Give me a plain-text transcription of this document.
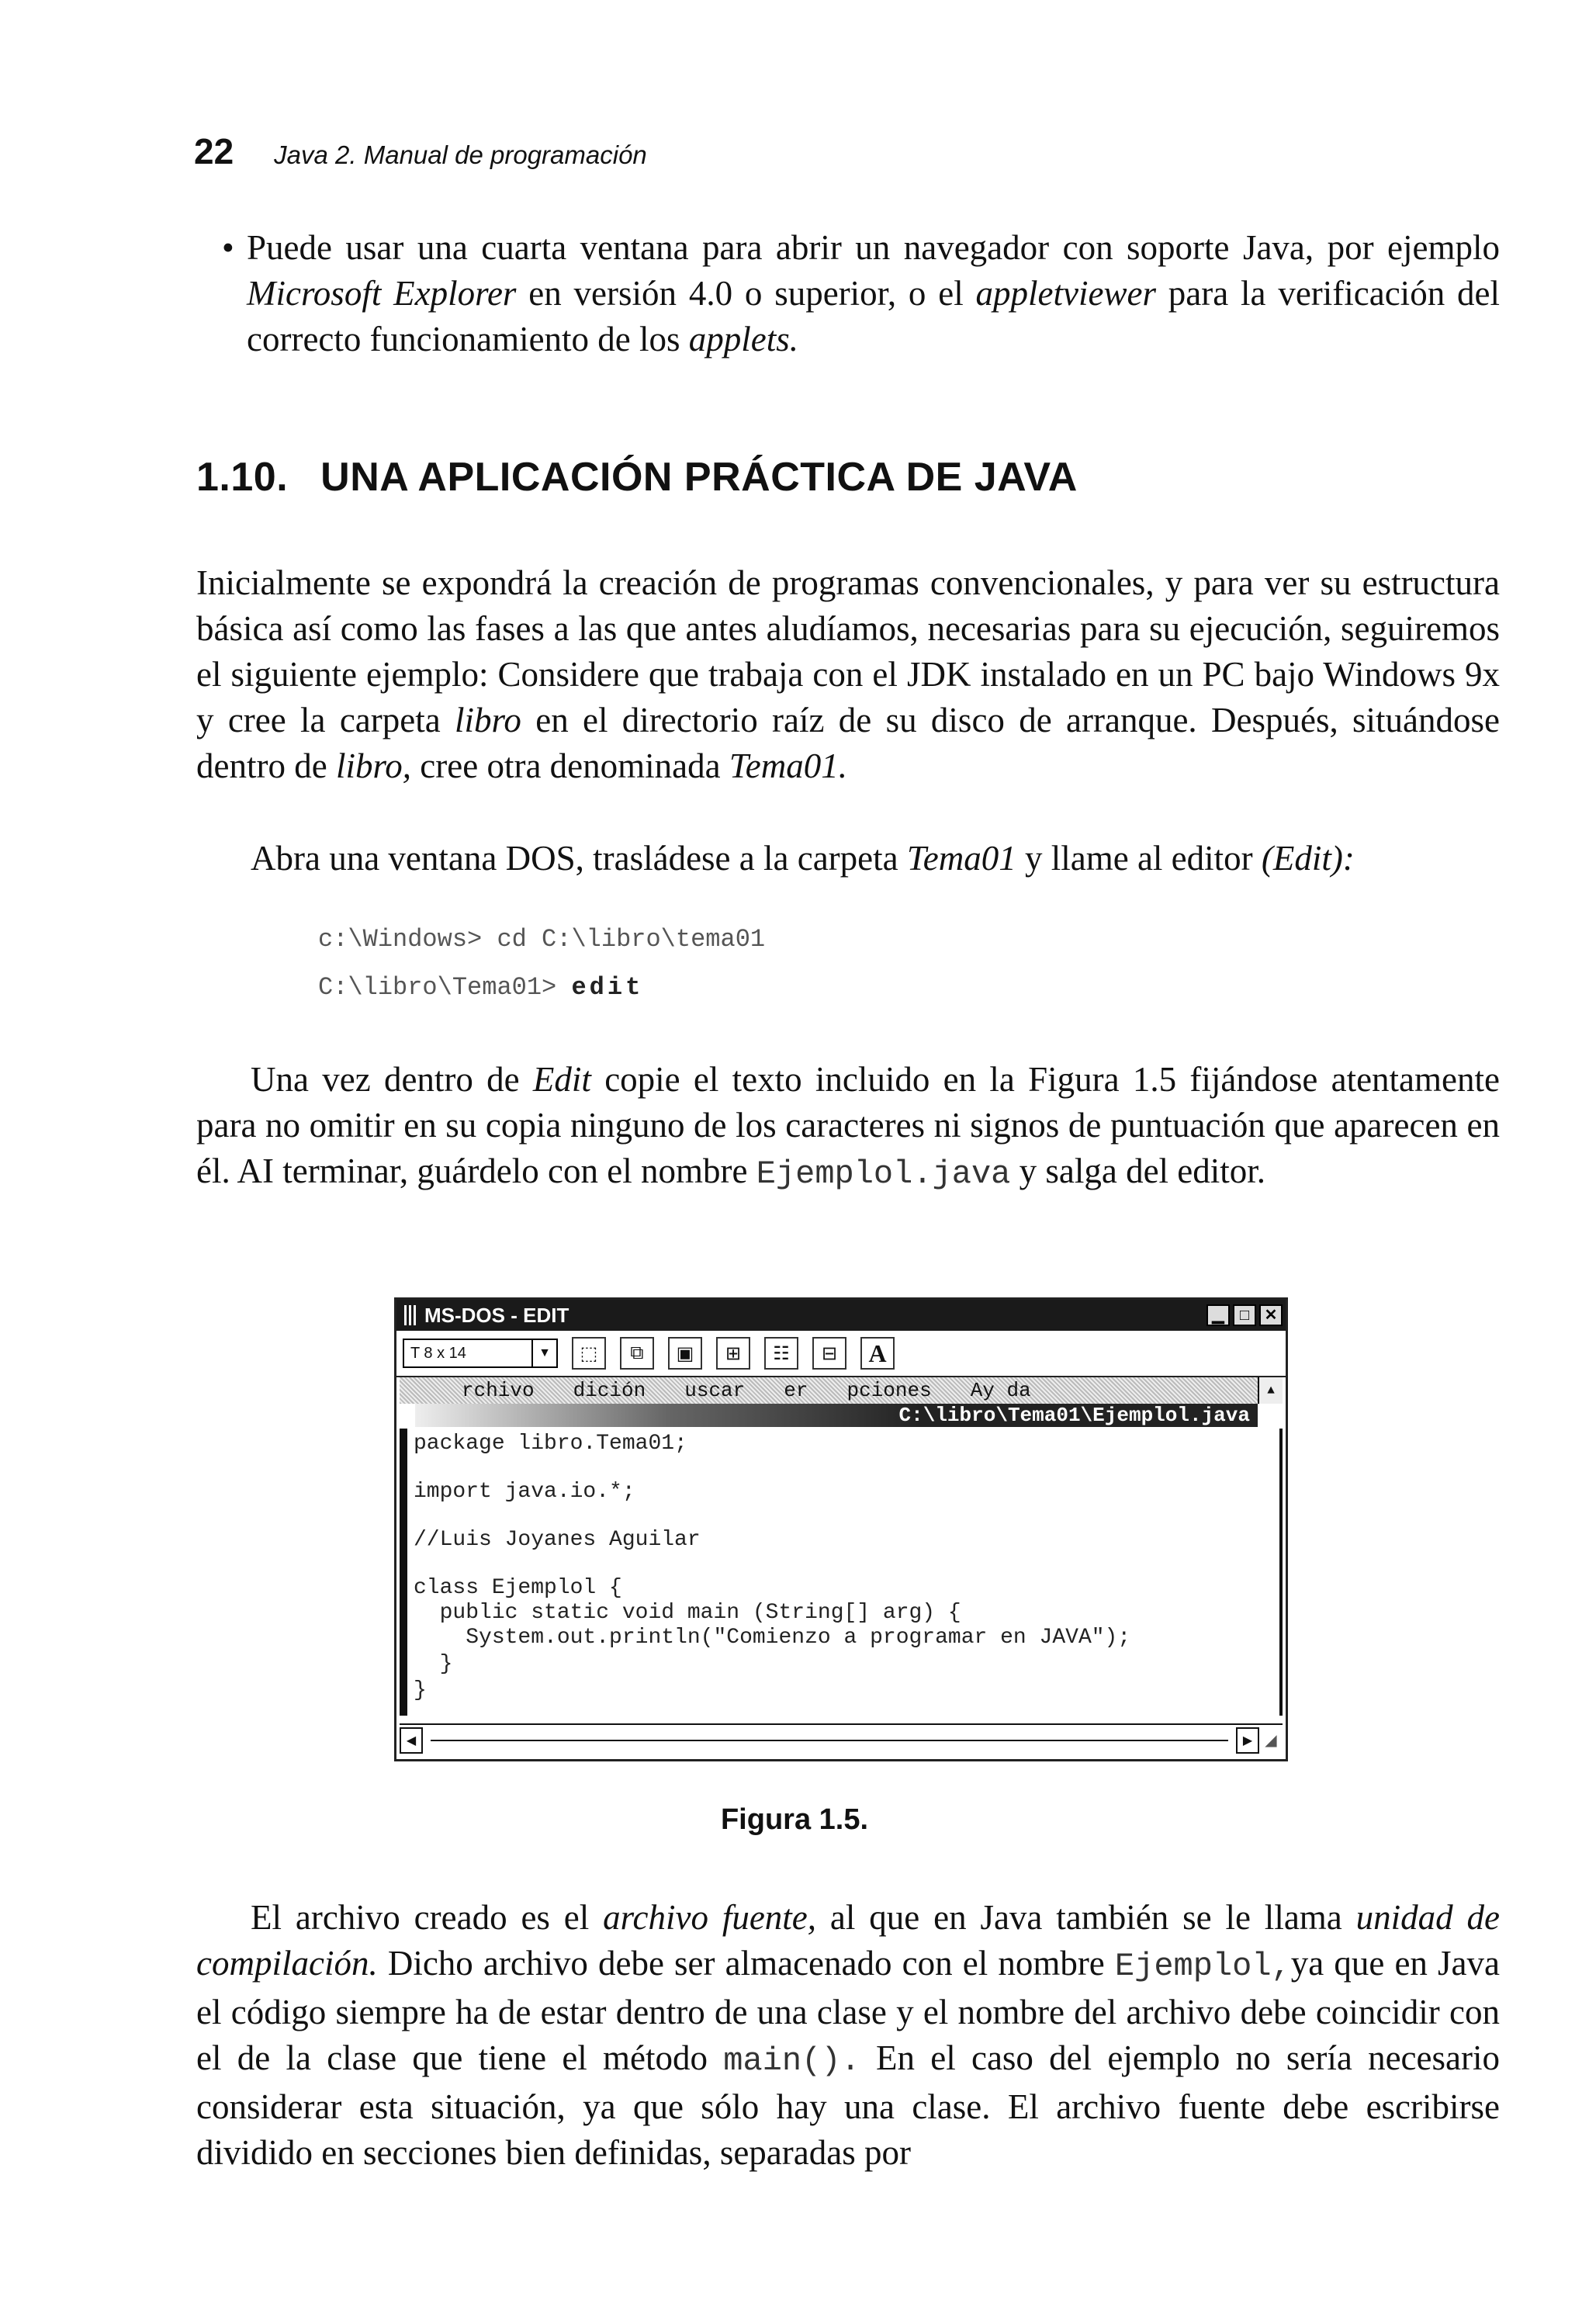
22 Java 2. Manual de programación
• Puede usar una cuarta ventana para abrir un navegador con soporte Java, por ejemplo Microsoft Explorer en versión 4.0 o superior, o el appletviewer para la verificación del correcto funcionamiento de los applets.
1.10. UNA APLICACIÓN PRÁCTICA DE JAVA

Inicialmente se expondrá la creación de programas convencionales, y para ver su estructura básica así como las fases a las que antes aludíamos, necesarias para su ejecución, seguiremos el siguiente ejemplo: Considere que trabaja con el JDK instalado en un PC bajo Windows 9x y cree la carpeta libro en el directorio raíz de su disco de arranque. Después, situándose dentro de libro, cree otra denominada Tema01.

Abra una ventana DOS, trasládese a la carpeta Tema01 y llame al editor (Edit):

c:\Windows> cd C:\libro\tema01
C:\libro\Tema01> edit

Una vez dentro de Edit copie el texto incluido en la Figura 1.5 fijándose atentamente para no omitir en su copia ninguno de los caracteres ni signos de puntuación que aparecen en él. AI terminar, guárdelo con el nombre Ejemplol.java y salga del editor.

MS-DOS - EDIT	▁	□ ✕
T 8 x 14	▼	⬚	⧉	▣	⊞	☷	⊟	A
rchivo dición uscar er pciones Ay da	▲
C:\libro\Tema01\Ejemplol.java
package libro.Tema01;
import java.io.*;
//Luis Joyanes Aguilar
class Ejemplol {
public static void main (String[] arg) {
System.out.println("Comienzo a programar en JAVA");
}
}
◀	▶ ◢
Figura 1.5.

El archivo creado es el archivo fuente, al que en Java también se le llama unidad de compilación. Dicho archivo debe ser almacenado con el nombre Ejemplol,ya que en Java el código siempre ha de estar dentro de una clase y el nombre del archivo debe coincidir con el de la clase que tiene el método main(). En el caso del ejemplo no sería necesario considerar esta situación, ya que sólo hay una clase. El archivo fuente debe escribirse dividido en secciones bien definidas, separadas por
